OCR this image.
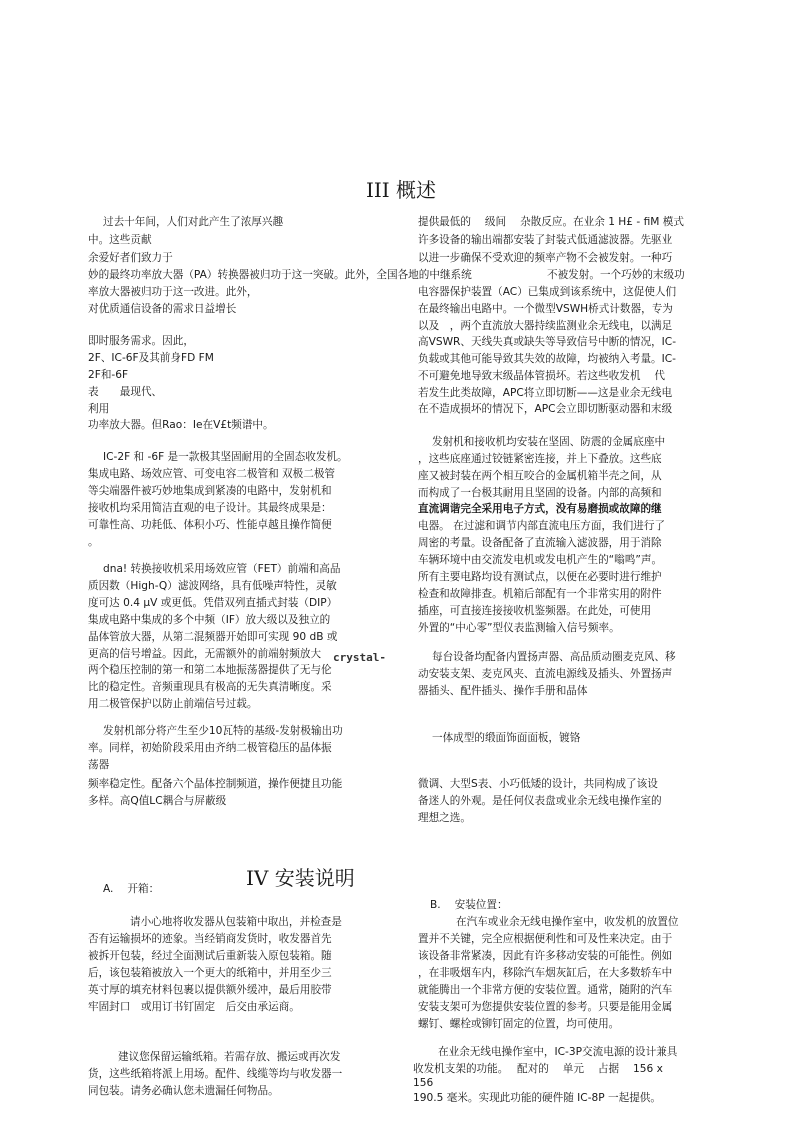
III 概述
过去十年间，人们对此产生了浓厚兴趣
中。这些贡献
余爱好者们致力于
妙的最终功率放大器（PA）转换器被归功于这一突破。此外，全国各地的中继系统
率放大器被归功于这一改进。此外，
对优质通信设备的需求日益增长
即时服务需求。因此，
2F、IC-6F及其前身FD FM
2F和-6F
表　　最现代、
利用
功率放大器。但Rao：Ie在V£t频谱中。
IC-2F 和 -6F 是一款极其坚固耐用的全固态收发机。
集成电路、场效应管、可变电容二极管和 双极二极管
等尖端器件被巧妙地集成到紧凑的电路中，发射机和
接收机均采用简洁直观的电子设计。其最终成果是：
可靠性高、功耗低、体积小巧、性能卓越且操作简便
。
dna! 转换接收机采用场效应管（FET）前端和高品
质因数（High-Q）滤波网络，具有低噪声特性，灵敏
度可达 0.4 μV 或更低。凭借双列直插式封装（DIP）
集成电路中集成的多个中频（IF）放大级以及独立的
晶体管放大器，从第二混频器开始即可实现 90 dB 或
更高的信号增益。因此，无需额外的前端射频放大
两个稳压控制的第一和第二本地振荡器提供了无与伦
比的稳定性。音频重现具有极高的无失真清晰度。采
用二极管保护以防止前端信号过载。
发射机部分将产生至少10瓦特的基级-发射极输出功
率。同样，初始阶段采用由齐纳二极管稳压的晶体振
荡器
频率稳定性。配备六个晶体控制频道，操作便捷且功能
多样。高Q值LC耦合与屏蔽级
crystal-
提供最低的　 级间　 杂散反应。在业余 1 H£ - fiM 模式
许多设备的输出端都安装了封装式低通滤波器。先驱业
以进一步确保不受欢迎的频率产物不会被发射。一种巧
不被发射。一个巧妙的末级功
电容器保护装置（AC）已集成到该系统中，这促使人们
在最终输出电路中。一个微型VSWH桥式计数器，专为
以及　，两个直流放大器持续监测业余无线电，以满足
高VSWR、天线失真或缺失等导致信号中断的情况，IC-
负载或其他可能导致其失效的故障，均被纳入考量。IC-
不可避免地导致末级晶体管损坏。若这些收发机　 代
若发生此类故障，APC将立即切断——这是业余无线电
在不造成损坏的情况下，APC会立即切断驱动器和末级
发射机和接收机均安装在坚固、防震的金属底座中
，这些底座通过铰链紧密连接，并上下叠放。这些底
座又被封装在两个相互咬合的金属机箱半壳之间，从
而构成了一台极其耐用且坚固的设备。内部的高频和
直流调谐完全采用电子方式，没有易磨损或故障的继
电器。 在过滤和调节内部直流电压方面，我们进行了
周密的考量。设备配备了直流输入滤波器，用于消除
车辆环境中由交流发电机或发电机产生的“嗡鸣”声。
所有主要电路均设有测试点，以便在必要时进行维护
检查和故障排查。机箱后部配有一个非常实用的附件
插座，可直接连接接收机鉴频器。在此处，可使用
外置的“中心零”型仪表监测输入信号频率。
每台设备均配备内置扬声器、高品质动圈麦克风、移
动安装支架、麦克风夹、直流电源线及插头、外置扬声
器插头、配件插头、操作手册和晶体
一体成型的缎面饰面面板，镀铬
微调、大型S表、小巧低矮的设计，共同构成了该设
备迷人的外观。是任何仪表盘或业余无线电操作室的
理想之选。
IV 安装说明
A.　 开箱：
请小心地将收发器从包装箱中取出，并检查是
否有运输损坏的迹象。当经销商发货时，收发器首先
被拆开包装，经过全面测试后重新装入原包装箱。随
后，该包装箱被放入一个更大的纸箱中，并用至少三
英寸厚的填充材料包裹以提供额外缓冲，最后用胶带
牢固封口　或用订书钉固定　后交由承运商。
建议您保留运输纸箱。若需存放、搬运或再次发
货，这些纸箱将派上用场。配件、线缆等均与收发器一
同包装。请务必确认您未遗漏任何物品。
B.　 安装位置：
在汽车或业余无线电操作室中，收发机的放置位
置并不关键，完全应根据便利性和可及性来决定。由于
该设备非常紧凑，因此有许多移动安装的可能性。例如
，在非吸烟车内，移除汽车烟灰缸后，在大多数轿车中
就能腾出一个非常方便的安装位置。通常，随附的汽车
安装支架可为您提供安装位置的参考。只要是能用金属
螺钉、螺栓或铆钉固定的位置，均可使用。
在业余无线电操作室中，IC-3P交流电源的设计兼具
收发机支架的功能。　 配对的　 单元　 占据　 156 x
156
190.5 毫米。实现此功能的硬件随 IC-8P 一起提供。
